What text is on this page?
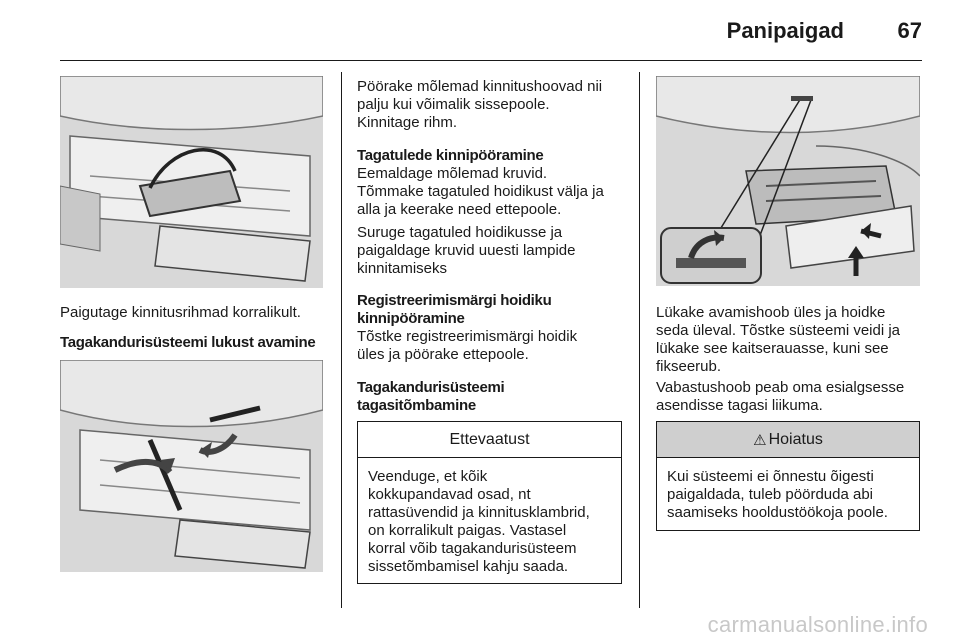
Panipaigad 67
Paigutage kinnitusrihmad korralikult.
Tagakandurisüsteemi lukust avamine
Pöörake mõlemad kinnitushoovad nii
palju kui võimalik sissepoole.
Kinnitage rihm.
Tagatulede kinnipööramine
Eemaldage mõlemad kruvid.
Tõmmake tagatuled hoidikust välja ja
alla ja keerake need ettepoole.
Suruge tagatuled hoidikusse ja
paigaldage kruvid uuesti lampide
kinnitamiseks
Registreerimismärgi hoidiku
kinnipööramine
Tõstke registreerimismärgi hoidik
üles ja pöörake ettepoole.
Tagakandurisüsteemi
tagasitõmbamine
Ettevaatust
Veenduge, et kõik
kokkupandavad osad, nt
rattasüvendid ja kinnitusklambrid,
on korralikult paigas. Vastasel
korral võib tagakandurisüsteem
sissetõmbamisel kahju saada.
Lükake avamishoob üles ja hoidke
seda üleval. Tõstke süsteemi veidi ja
lükake see kaitserauasse, kuni see
fikseerub.
Vabastushoob peab oma esialgsesse
asendisse tagasi liikuma.
⚠ Hoiatus
Kui süsteemi ei õnnestu õigesti
paigaldada, tuleb pöörduda abi
saamiseks hooldustöökoja poole.
carmanualsonline.info
